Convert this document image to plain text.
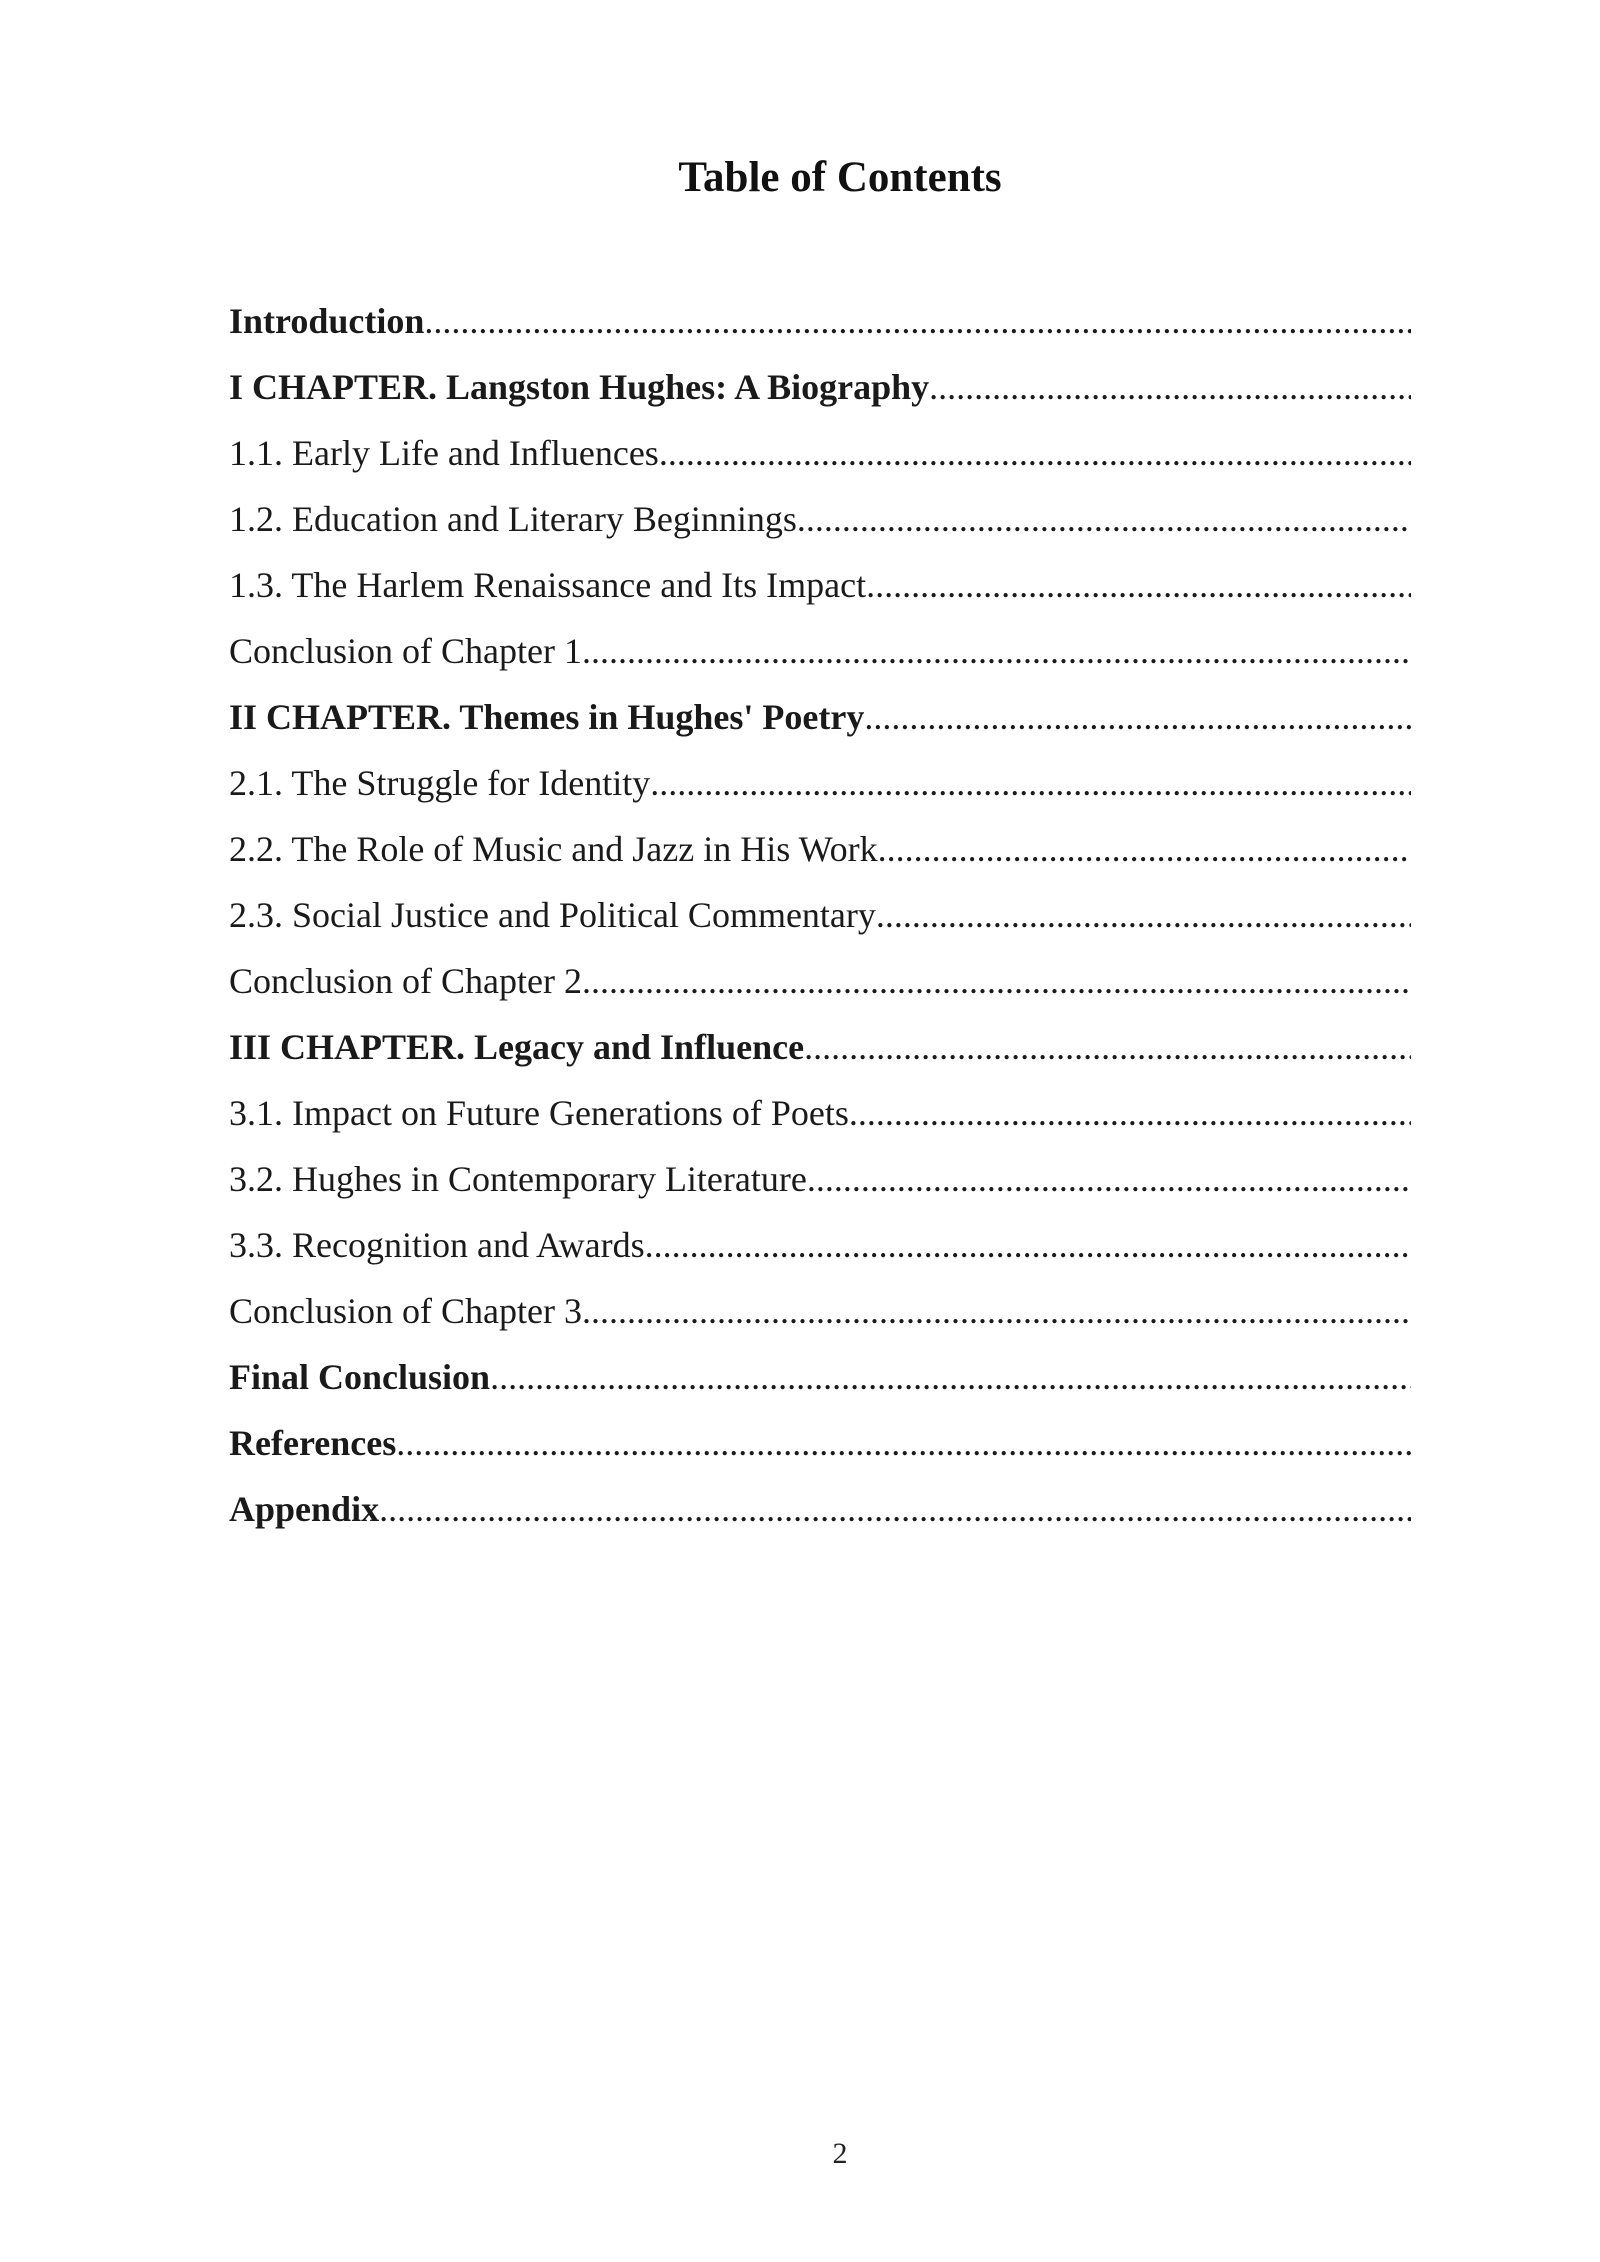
Table of Contents
Introduction
.....
I CHAPTER. Langston Hughes: A Biography
.....
1.1. Early Life and Influences
.....
1.2. Education and Literary Beginnings
.....
1.3. The Harlem Renaissance and Its Impact
.....
Conclusion of Chapter 1
.....
II CHAPTER. Themes in Hughes' Poetry
.....
2.1. The Struggle for Identity
.....
2.2. The Role of Music and Jazz in His Work
.....
2.3. Social Justice and Political Commentary
.....
Conclusion of Chapter 2
.....
III CHAPTER. Legacy and Influence
.....
3.1. Impact on Future Generations of Poets
.....
3.2. Hughes in Contemporary Literature
.....
3.3. Recognition and Awards
.....
Conclusion of Chapter 3
.....
Final Conclusion
.....
References
.....
Appendix
.....
2
